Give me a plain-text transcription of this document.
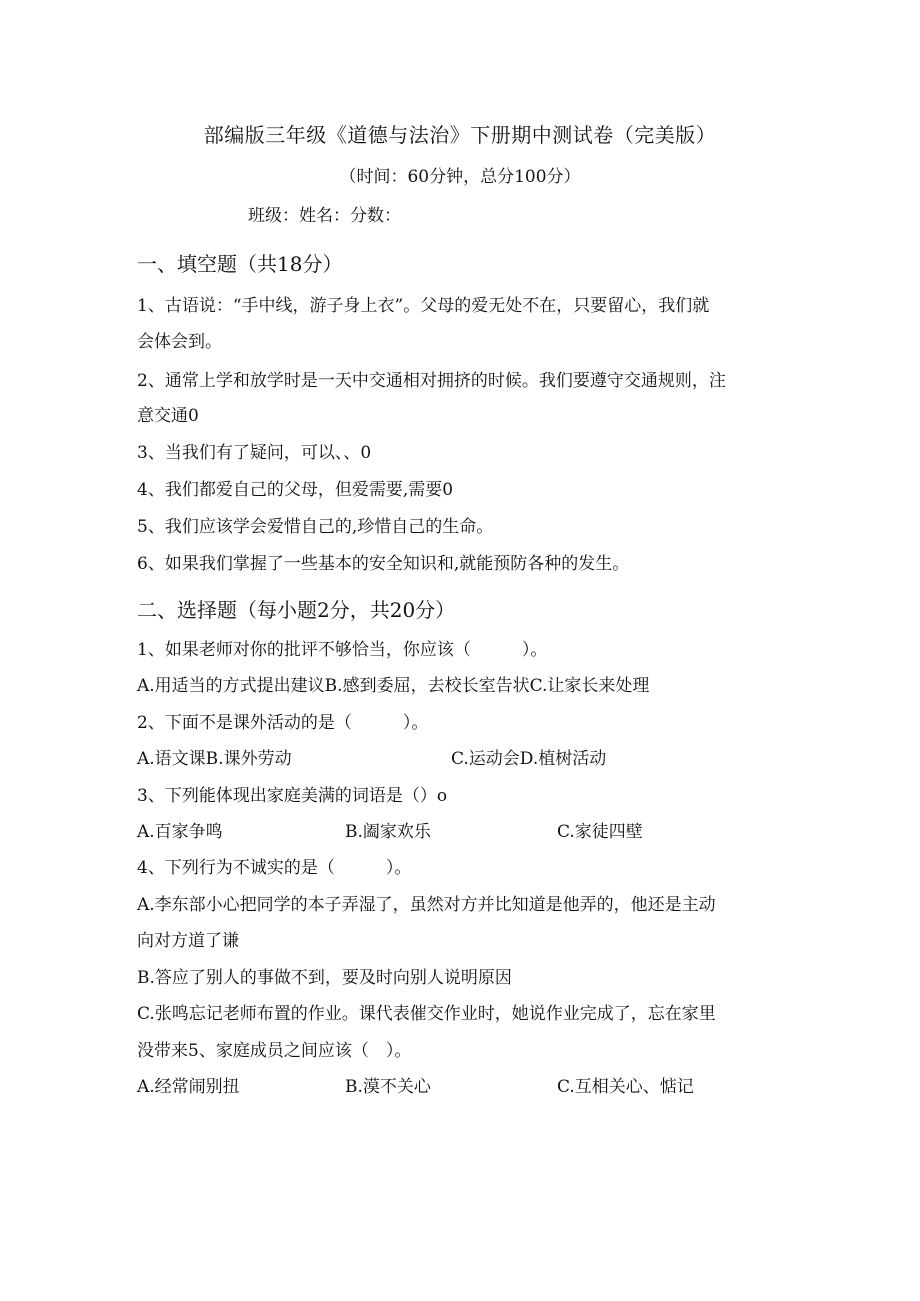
部编版三年级《道德与法治》下册期中测试卷（完美版）
（时间：60分钟，总分100分）
班级：姓名：分数：
一、填空题（共18分）
1、古语说：“手中线，游子身上衣”。父母的爱无处不在，只要留心，我们就
会体会到。
2、通常上学和放学时是一天中交通相对拥挤的时候。我们要遵守交通规则，注
意交通0
3、当我们有了疑问，可以、、0
4、我们都爱自己的父母，但爱需要,需要0
5、我们应该学会爱惜自己的,珍惜自己的生命。
6、如果我们掌握了一些基本的安全知识和,就能预防各种的发生。
二、选择题（每小题2分，共20分）
1、如果老师对你的批评不够恰当，你应该（　　　）。
A.用适当的方式提出建议B.感到委屈，去校长室告状C.让家长来处理
2、下面不是课外活动的是（　　　）。
A.语文课B.课外劳动	C.运动会D.植树活动
3、下列能体现出家庭美满的词语是（）o
A.百家争鸣	B.阖家欢乐	C.家徒四壁
4、下列行为不诚实的是（　　　）。
A.李东部小心把同学的本子弄湿了，虽然对方并比知道是他弄的，他还是主动
向对方道了谦
B.答应了别人的事做不到，要及时向别人说明原因
C.张鸣忘记老师布置的作业。课代表催交作业时，她说作业完成了，忘在家里
没带来5、家庭成员之间应该（　）。
A.经常闹别扭	B.漠不关心	C.互相关心、惦记
